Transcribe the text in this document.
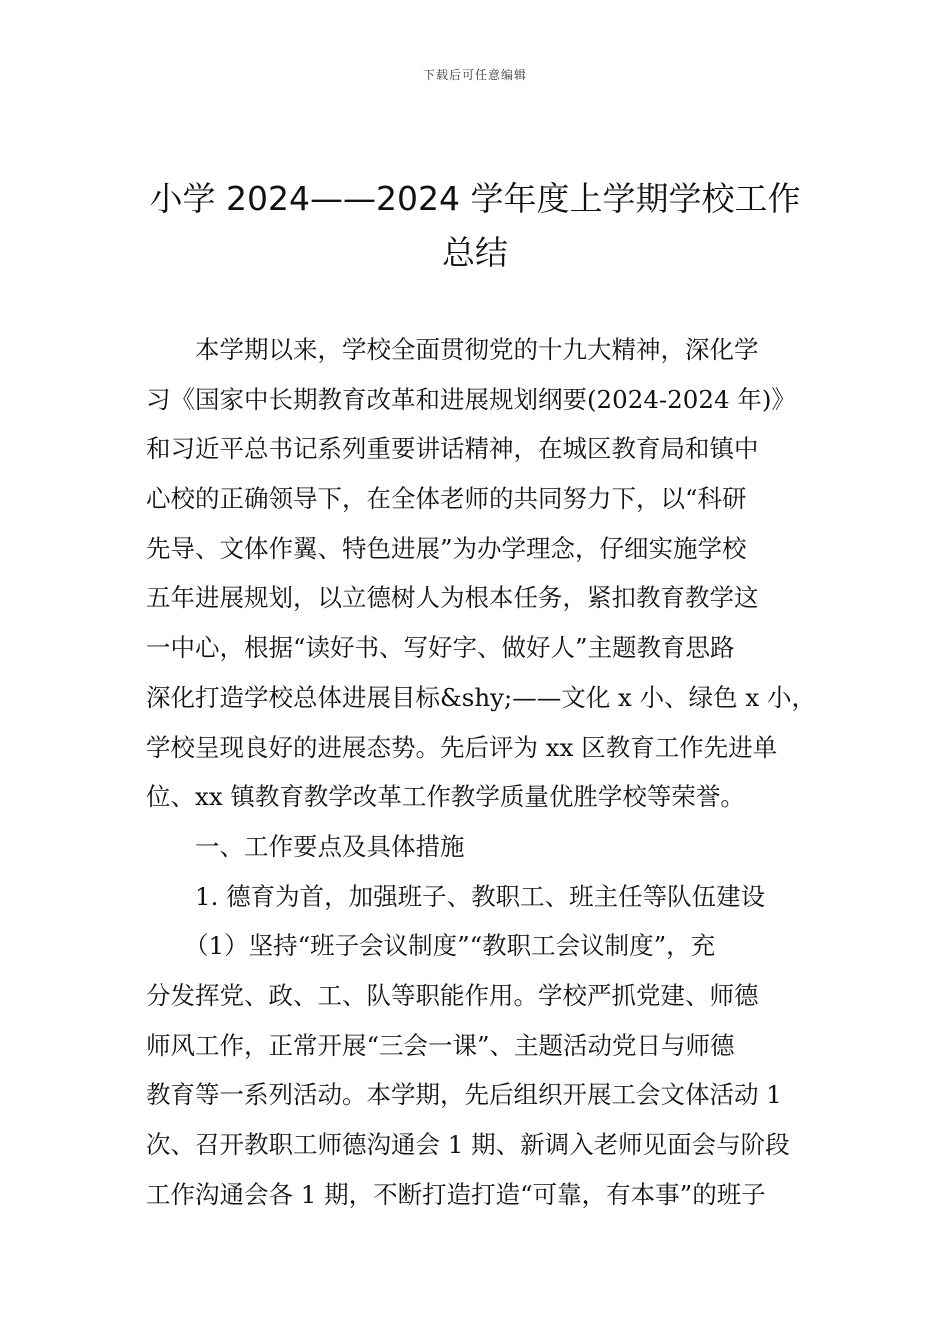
下载后可任意编辑
小学 2024——2024 学年度上学期学校工作
总结
本学期以来，学校全面贯彻党的十九大精神，深化学
习《国家中长期教育改革和进展规划纲要(2024-2024 年)》
和习近平总书记系列重要讲话精神，在城区教育局和镇中
心校的正确领导下，在全体老师的共同努力下，以“科研
先导、文体作翼、特色进展”为办学理念，仔细实施学校
五年进展规划，以立德树人为根本任务，紧扣教育教学这
一中心，根据“读好书、写好字、做好人”主题教育思路
深化打造学校总体进展目标&shy;——文化 x 小、绿色 x 小，
学校呈现良好的进展态势。先后评为 xx 区教育工作先进单
位、xx 镇教育教学改革工作教学质量优胜学校等荣誉。
一、工作要点及具体措施
1. 德育为首，加强班子、教职工、班主任等队伍建设
（1）坚持“班子会议制度”“教职工会议制度”，充
分发挥党、政、工、队等职能作用。学校严抓党建、师德
师风工作，正常开展“三会一课”、主题活动党日与师德
教育等一系列活动。本学期，先后组织开展工会文体活动 1
次、召开教职工师德沟通会 1 期、新调入老师见面会与阶段
工作沟通会各 1 期，不断打造打造“可靠，有本事”的班子
